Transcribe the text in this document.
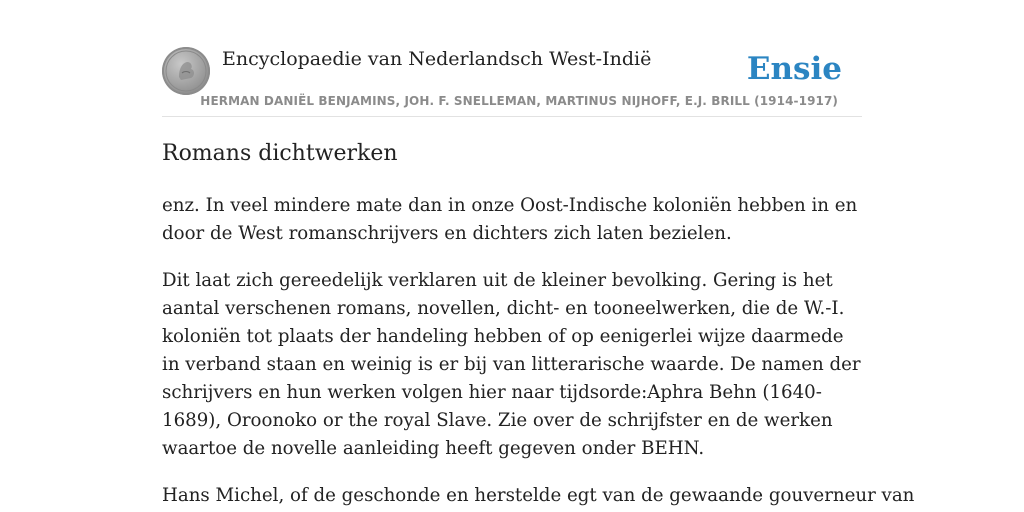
Encyclopaedie van Nederlandsch West-Indië	Ensie
HERMAN DANIËL BENJAMINS, JOH. F. SNELLEMAN, MARTINUS NIJHOFF, E.J. BRILL (1914-1917)
Romans dichtwerken

enz. In veel mindere mate dan in onze Oost-Indische koloniën hebben in en door de West romanschrijvers en dichters zich laten bezielen.

Dit laat zich gereedelijk verklaren uit de kleiner bevolking. Gering is het aantal verschenen romans, novellen, dicht- en tooneelwerken, die de W.-I. koloniën tot plaats der handeling hebben of op eenigerlei wijze daarmede in verband staan en weinig is er bij van litterarische waarde. De namen der schrijvers en hun werken volgen hier naar tijdsorde:Aphra Behn (1640-1689), Oroonoko or the royal Slave. Zie over de schrijfster en de werken waartoe de novelle aanleiding heeft gegeven onder BEHN.

Hans Michel, of de geschonde en herstelde egt van de gewaande gouverneur van
